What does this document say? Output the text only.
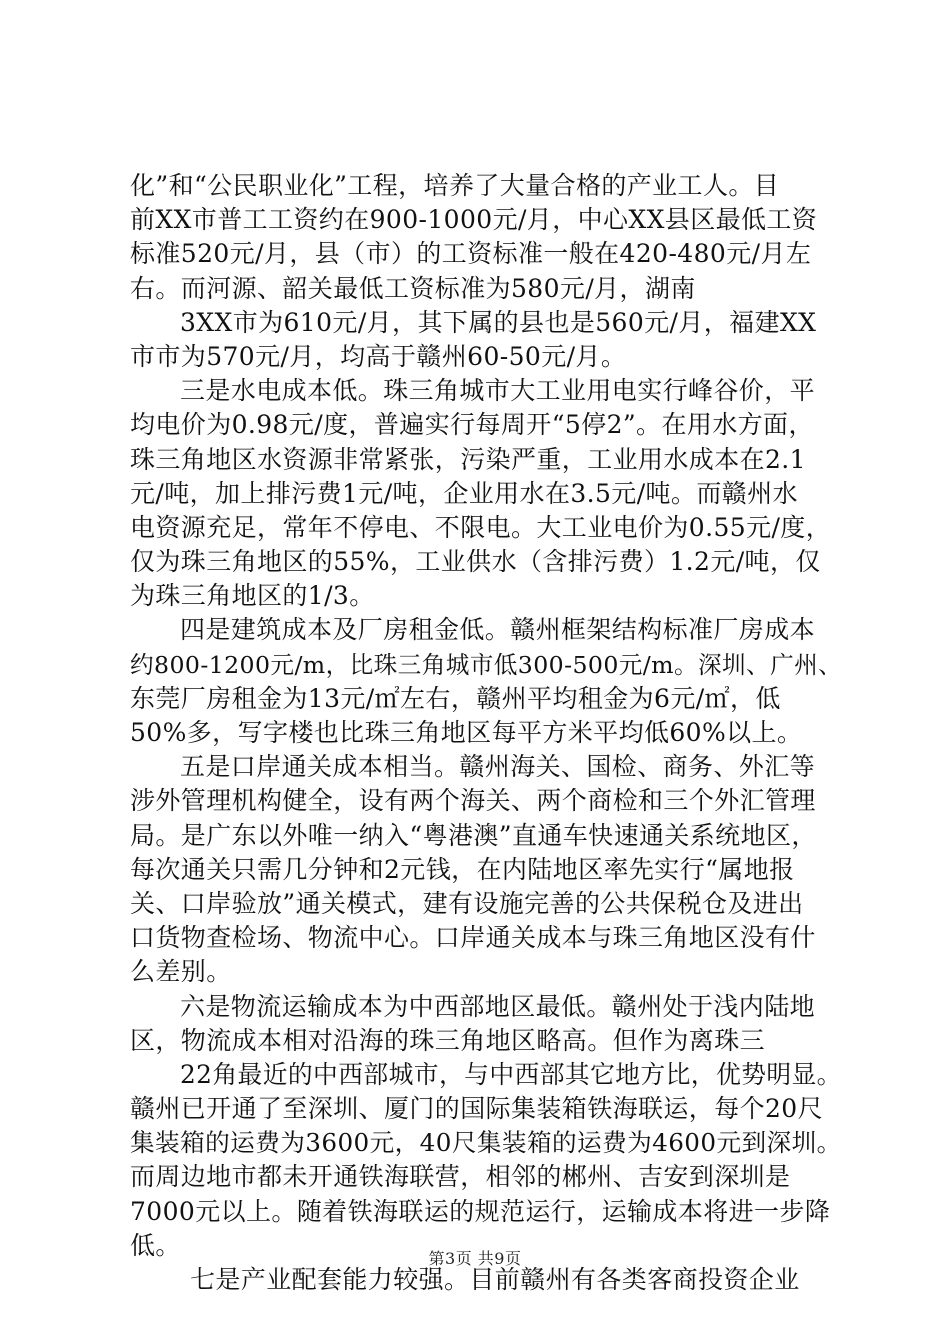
化”和“公民职业化”工程，培养了大量合格的产业工人。目
前XX市普工工资约在900-1000元/月，中心XX县区最低工资
标准520元/月，县（市）的工资标准一般在420-480元/月左
右。而河源、韶关最低工资标准为580元/月，湖南
3XX市为610元/月，其下属的县也是560元/月，福建XX
市市为570元/月，均高于赣州60-50元/月。
三是水电成本低。珠三角城市大工业用电实行峰谷价，平
均电价为0.98元/度，普遍实行每周开“5停2”。在用水方面，
珠三角地区水资源非常紧张，污染严重，工业用水成本在2.1
元/吨，加上排污费1元/吨，企业用水在3.5元/吨。而赣州水
电资源充足，常年不停电、不限电。大工业电价为0.55元/度，
仅为珠三角地区的55%，工业供水（含排污费）1.2元/吨，仅
为珠三角地区的1/3。
四是建筑成本及厂房租金低。赣州框架结构标准厂房成本
约800-1200元/m，比珠三角城市低300-500元/m。深圳、广州、
东莞厂房租金为13元/㎡左右，赣州平均租金为6元/㎡，低
50%多，写字楼也比珠三角地区每平方米平均低60%以上。
五是口岸通关成本相当。赣州海关、国检、商务、外汇等
涉外管理机构健全，设有两个海关、两个商检和三个外汇管理
局。是广东以外唯一纳入“粤港澳”直通车快速通关系统地区，
每次通关只需几分钟和2元钱，在内陆地区率先实行“属地报
关、口岸验放”通关模式，建有设施完善的公共保税仓及进出
口货物查检场、物流中心。口岸通关成本与珠三角地区没有什
么差别。
六是物流运输成本为中西部地区最低。赣州处于浅内陆地
区，物流成本相对沿海的珠三角地区略高。但作为离珠三
22角最近的中西部城市，与中西部其它地方比，优势明显。
赣州已开通了至深圳、厦门的国际集装箱铁海联运，每个20尺
集装箱的运费为3600元，40尺集装箱的运费为4600元到深圳。
而周边地市都未开通铁海联营，相邻的郴州、吉安到深圳是
7000元以上。随着铁海联运的规范运行，运输成本将进一步降
低。
七是产业配套能力较强。目前赣州有各类客商投资企业
第3页 共9页
